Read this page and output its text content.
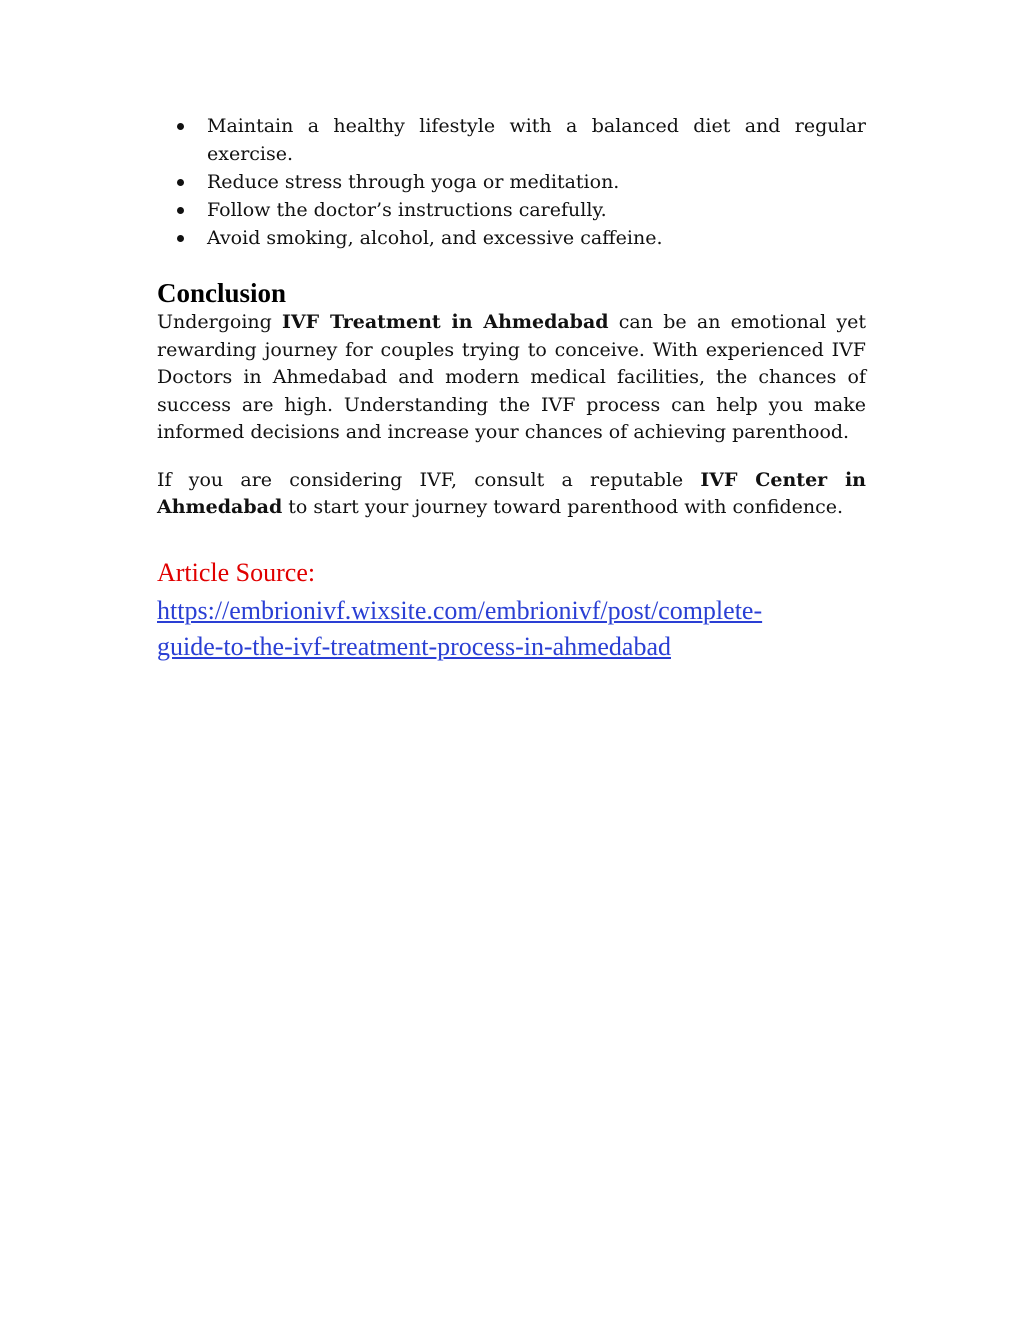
Maintain a healthy lifestyle with a balanced diet and regular exercise.
Reduce stress through yoga or meditation.
Follow the doctor’s instructions carefully.
Avoid smoking, alcohol, and excessive caffeine.
Conclusion

Undergoing IVF Treatment in Ahmedabad can be an emotional yet rewarding journey for couples trying to conceive. With experienced IVF Doctors in Ahmedabad and modern medical facilities, the chances of success are high. Understanding the IVF process can help you make informed decisions and increase your chances of achieving parenthood.

If you are considering IVF, consult a reputable IVF Center in Ahmedabad to start your journey toward parenthood with confidence.

Article Source:
https://embrionivf.wixsite.com/embrionivf/post/complete-
guide-to-the-ivf-treatment-process-in-ahmedabad
